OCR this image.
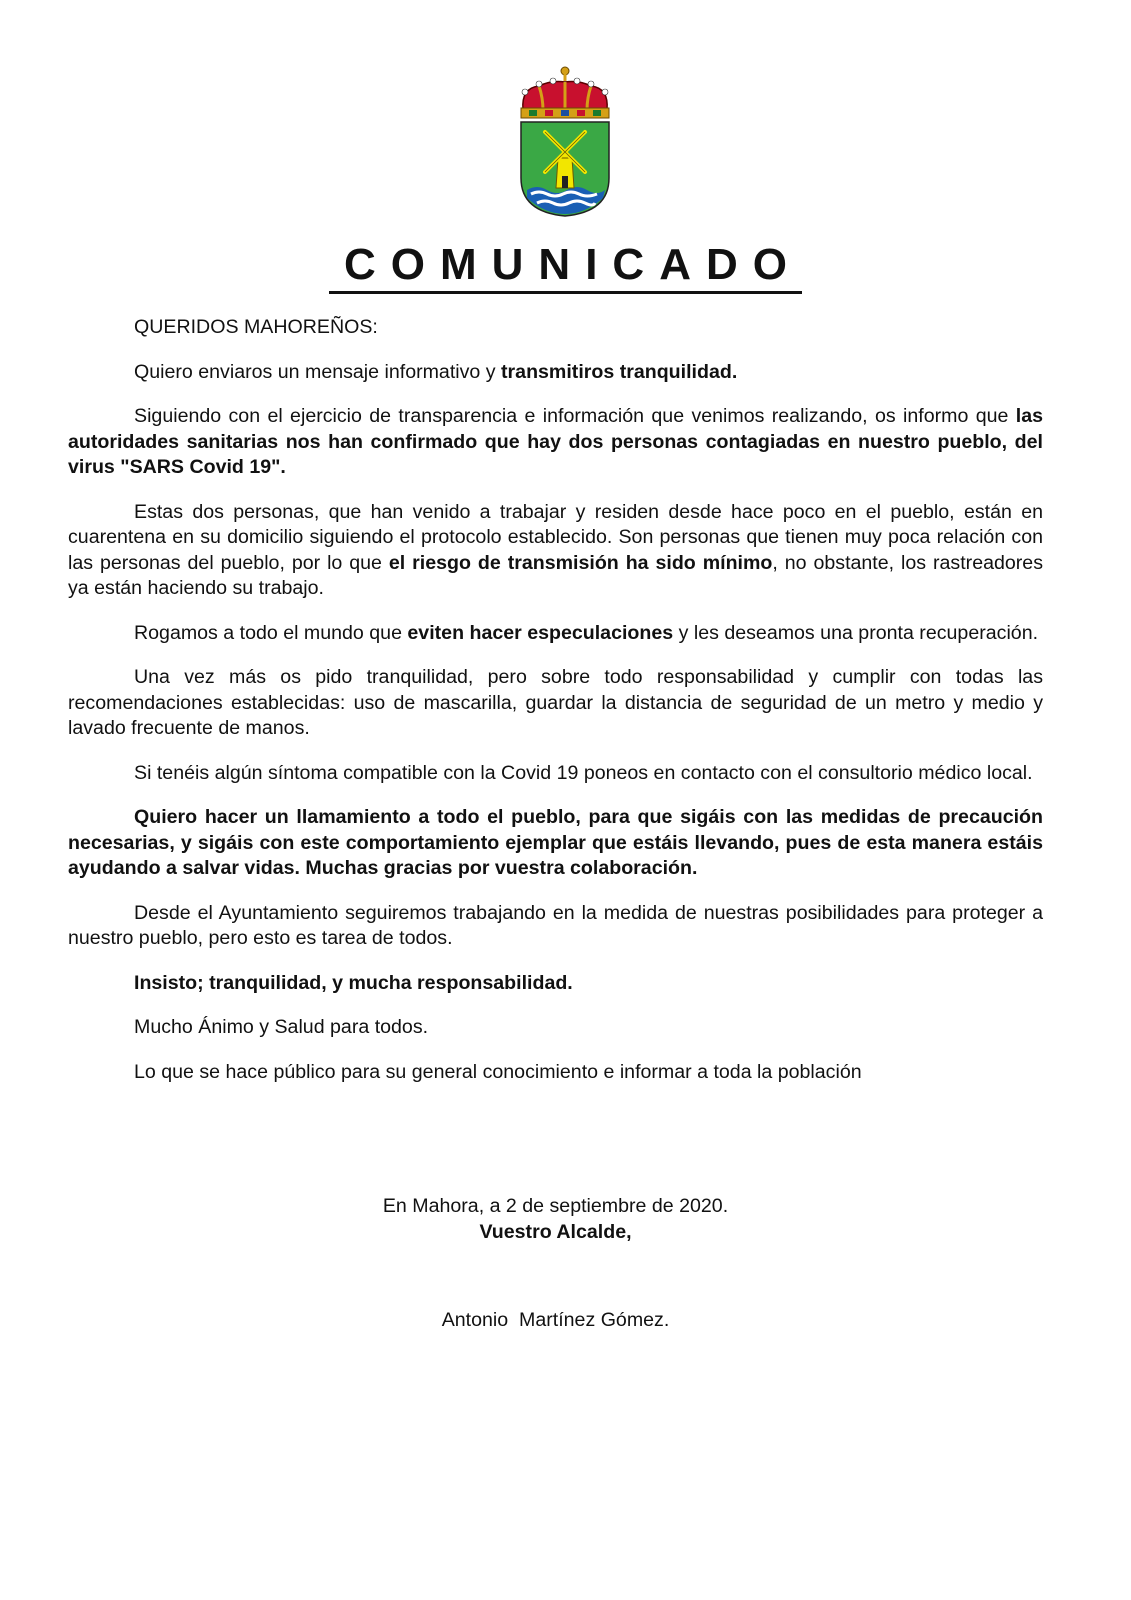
COMUNICADO

QUERIDOS MAHOREÑOS:

Quiero enviaros un mensaje informativo y transmitiros tranquilidad.

Siguiendo con el ejercicio de transparencia e información que venimos realizando, os informo que las autoridades sanitarias nos han confirmado que hay dos personas contagiadas en nuestro pueblo, del virus "SARS Covid 19".

Estas dos personas, que han venido a trabajar y residen desde hace poco en el pueblo, están en cuarentena en su domicilio siguiendo el protocolo establecido. Son personas que tienen muy poca relación con las personas del pueblo, por lo que el riesgo de transmisión ha sido mínimo, no obstante, los rastreadores ya están haciendo su trabajo.

Rogamos a todo el mundo que eviten hacer especulaciones y les deseamos una pronta recuperación.

Una vez más os pido tranquilidad, pero sobre todo responsabilidad y cumplir con todas las recomendaciones establecidas: uso de mascarilla, guardar la distancia de seguridad de un metro y medio y lavado frecuente de manos.

Si tenéis algún síntoma compatible con la Covid 19 poneos en contacto con el consultorio médico local.

Quiero hacer un llamamiento a todo el pueblo, para que sigáis con las medidas de precaución necesarias, y sigáis con este comportamiento ejemplar que estáis llevando, pues de esta manera estáis ayudando a salvar vidas. Muchas gracias por vuestra colaboración.

Desde el Ayuntamiento seguiremos trabajando en la medida de nuestras posibilidades para proteger a nuestro pueblo, pero esto es tarea de todos.

Insisto; tranquilidad, y mucha responsabilidad.

Mucho Ánimo y Salud para todos.

Lo que se hace público para su general conocimiento e informar a toda la población

En Mahora, a 2 de septiembre de 2020.
Vuestro Alcalde,
Antonio  Martínez Gómez.
